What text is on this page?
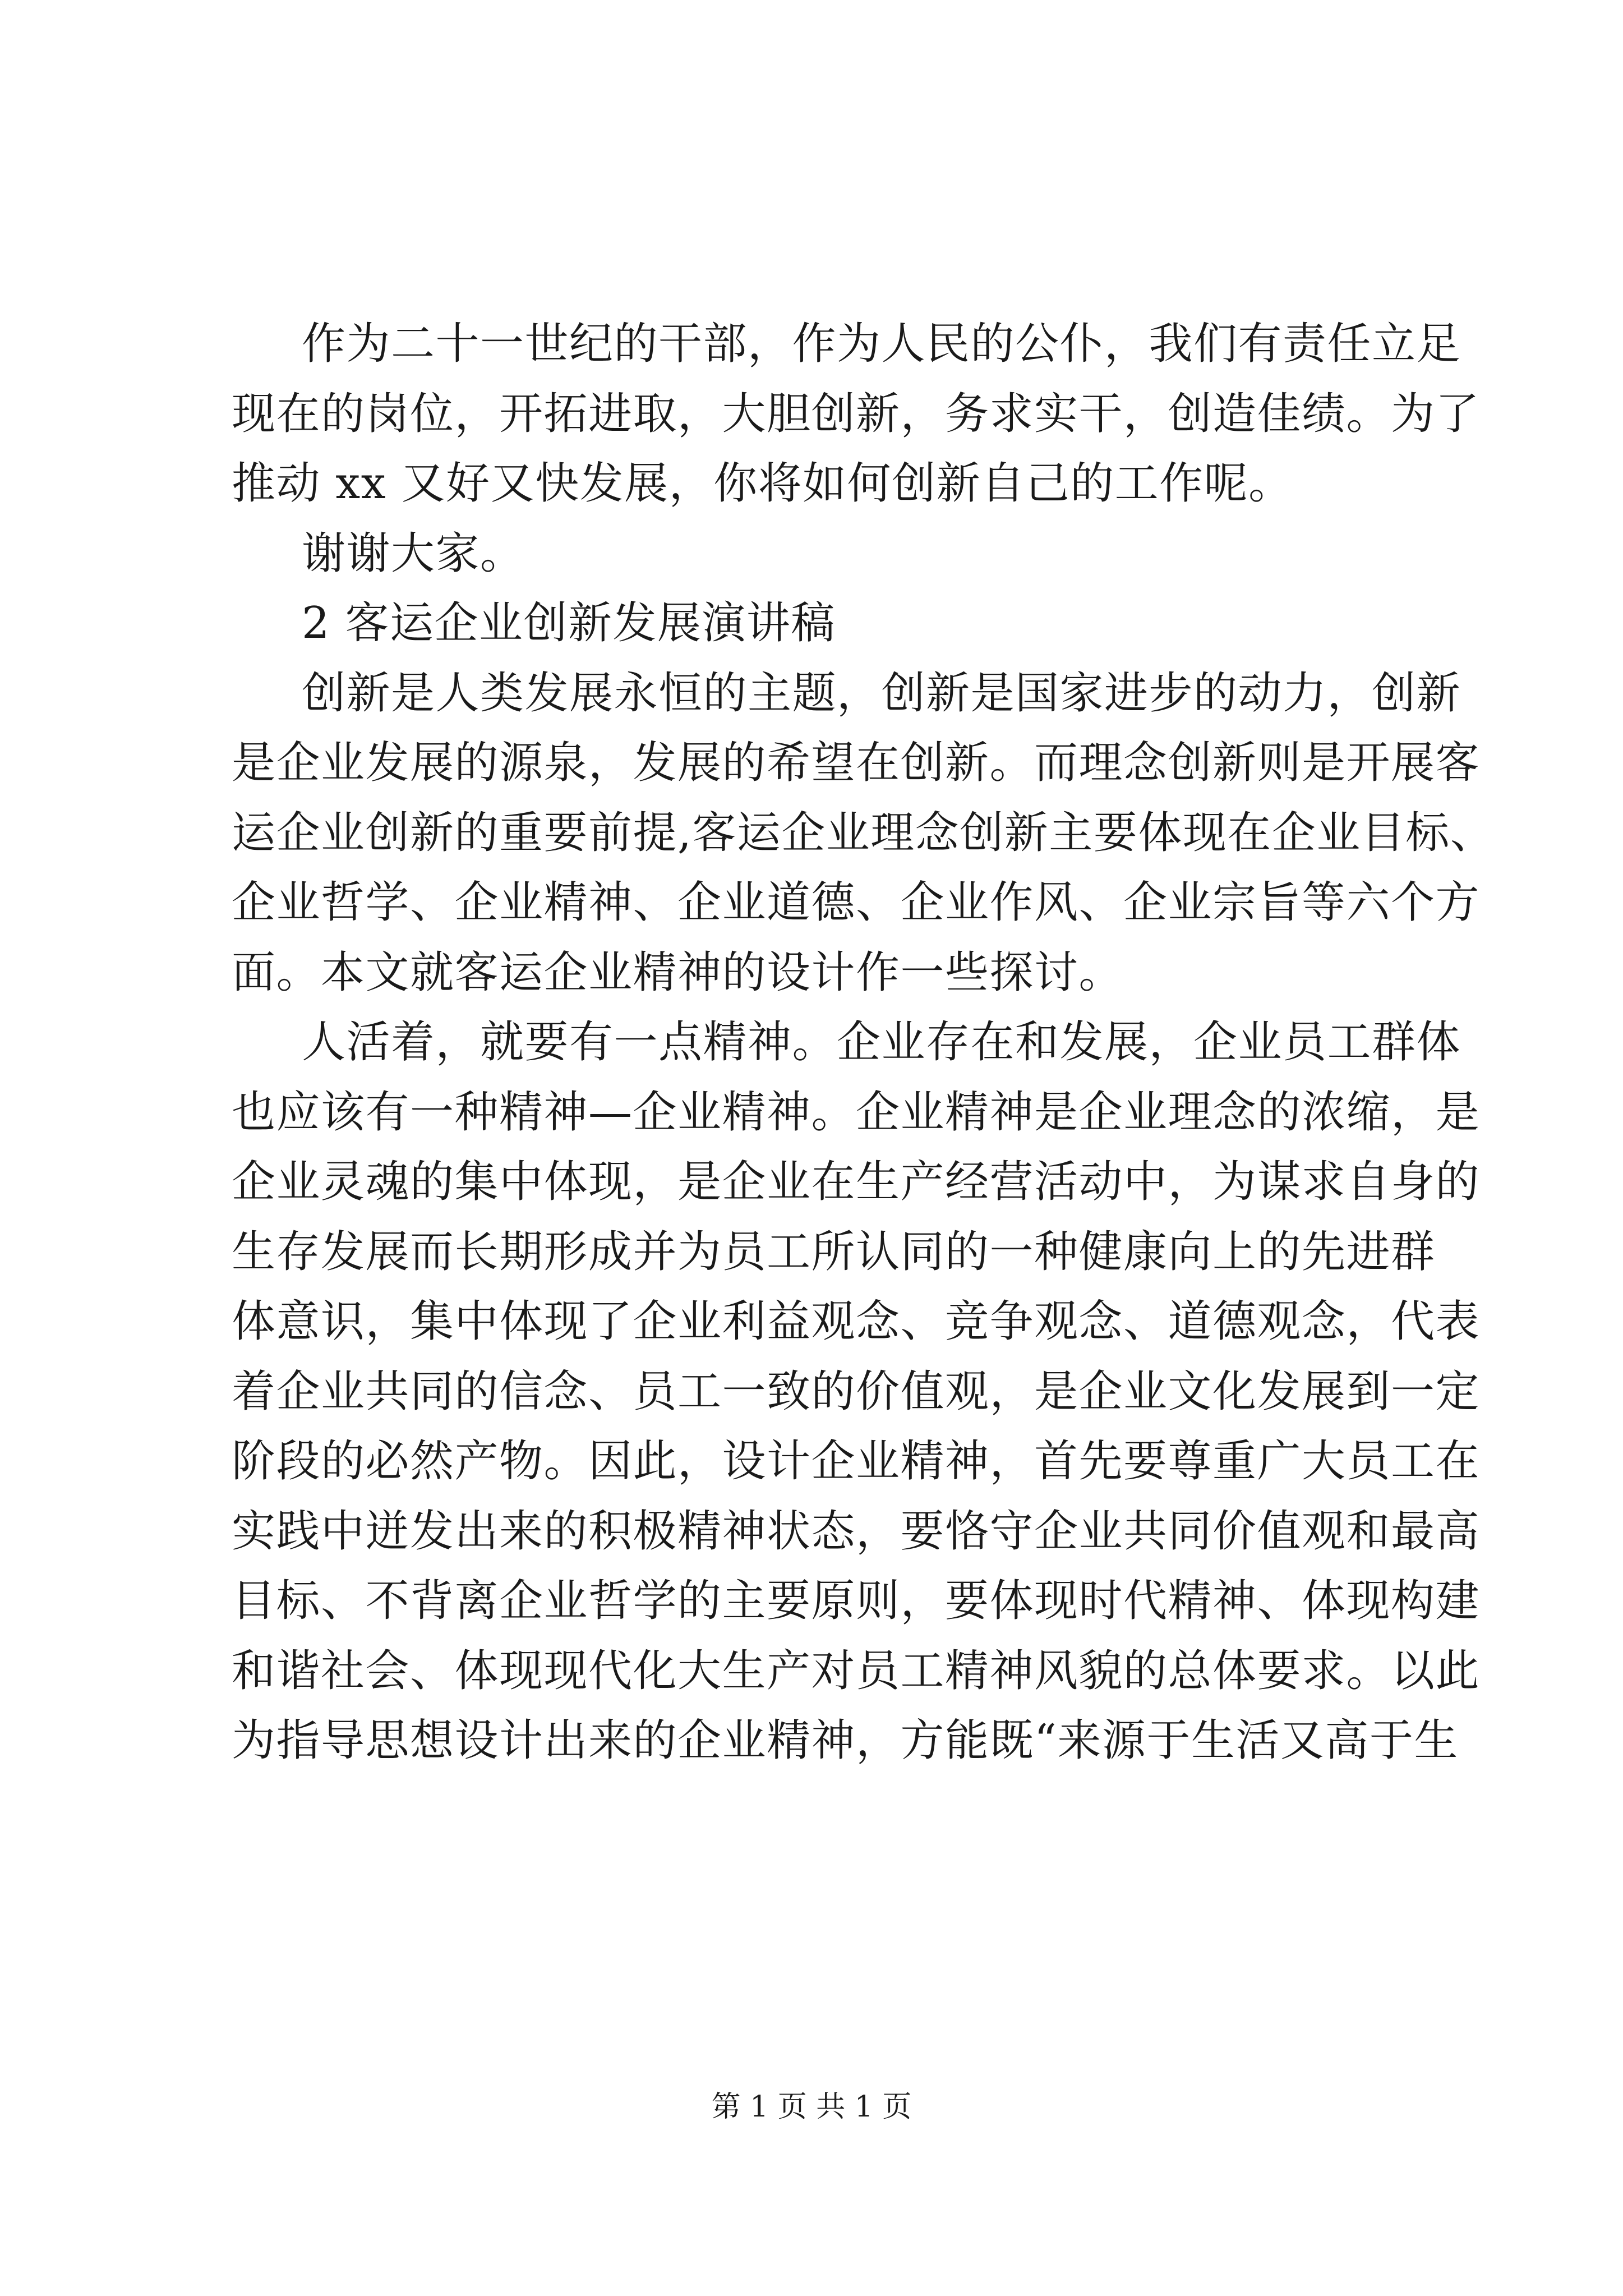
作为二十一世纪的干部，作为人民的公仆，我们有责任立足
现在的岗位，开拓进取，大胆创新，务求实干，创造佳绩。为了
推动 xx 又好又快发展，你将如何创新自己的工作呢。
谢谢大家。
2 客运企业创新发展演讲稿
创新是人类发展永恒的主题，创新是国家进步的动力，创新
是企业发展的源泉，发展的希望在创新。而理念创新则是开展客
运企业创新的重要前提,客运企业理念创新主要体现在企业目标、
企业哲学、企业精神、企业道德、企业作风、企业宗旨等六个方
面。本文就客运企业精神的设计作一些探讨。
人活着，就要有一点精神。企业存在和发展，企业员工群体
也应该有一种精神—企业精神。企业精神是企业理念的浓缩，是
企业灵魂的集中体现，是企业在生产经营活动中，为谋求自身的
生存发展而长期形成并为员工所认同的一种健康向上的先进群
体意识，集中体现了企业利益观念、竞争观念、道德观念，代表
着企业共同的信念、员工一致的价值观，是企业文化发展到一定
阶段的必然产物。因此，设计企业精神，首先要尊重广大员工在
实践中迸发出来的积极精神状态，要恪守企业共同价值观和最高
目标、不背离企业哲学的主要原则，要体现时代精神、体现构建
和谐社会、体现现代化大生产对员工精神风貌的总体要求。以此
为指导思想设计出来的企业精神，方能既“来源于生活又高于生
第 1 页 共 1 页
